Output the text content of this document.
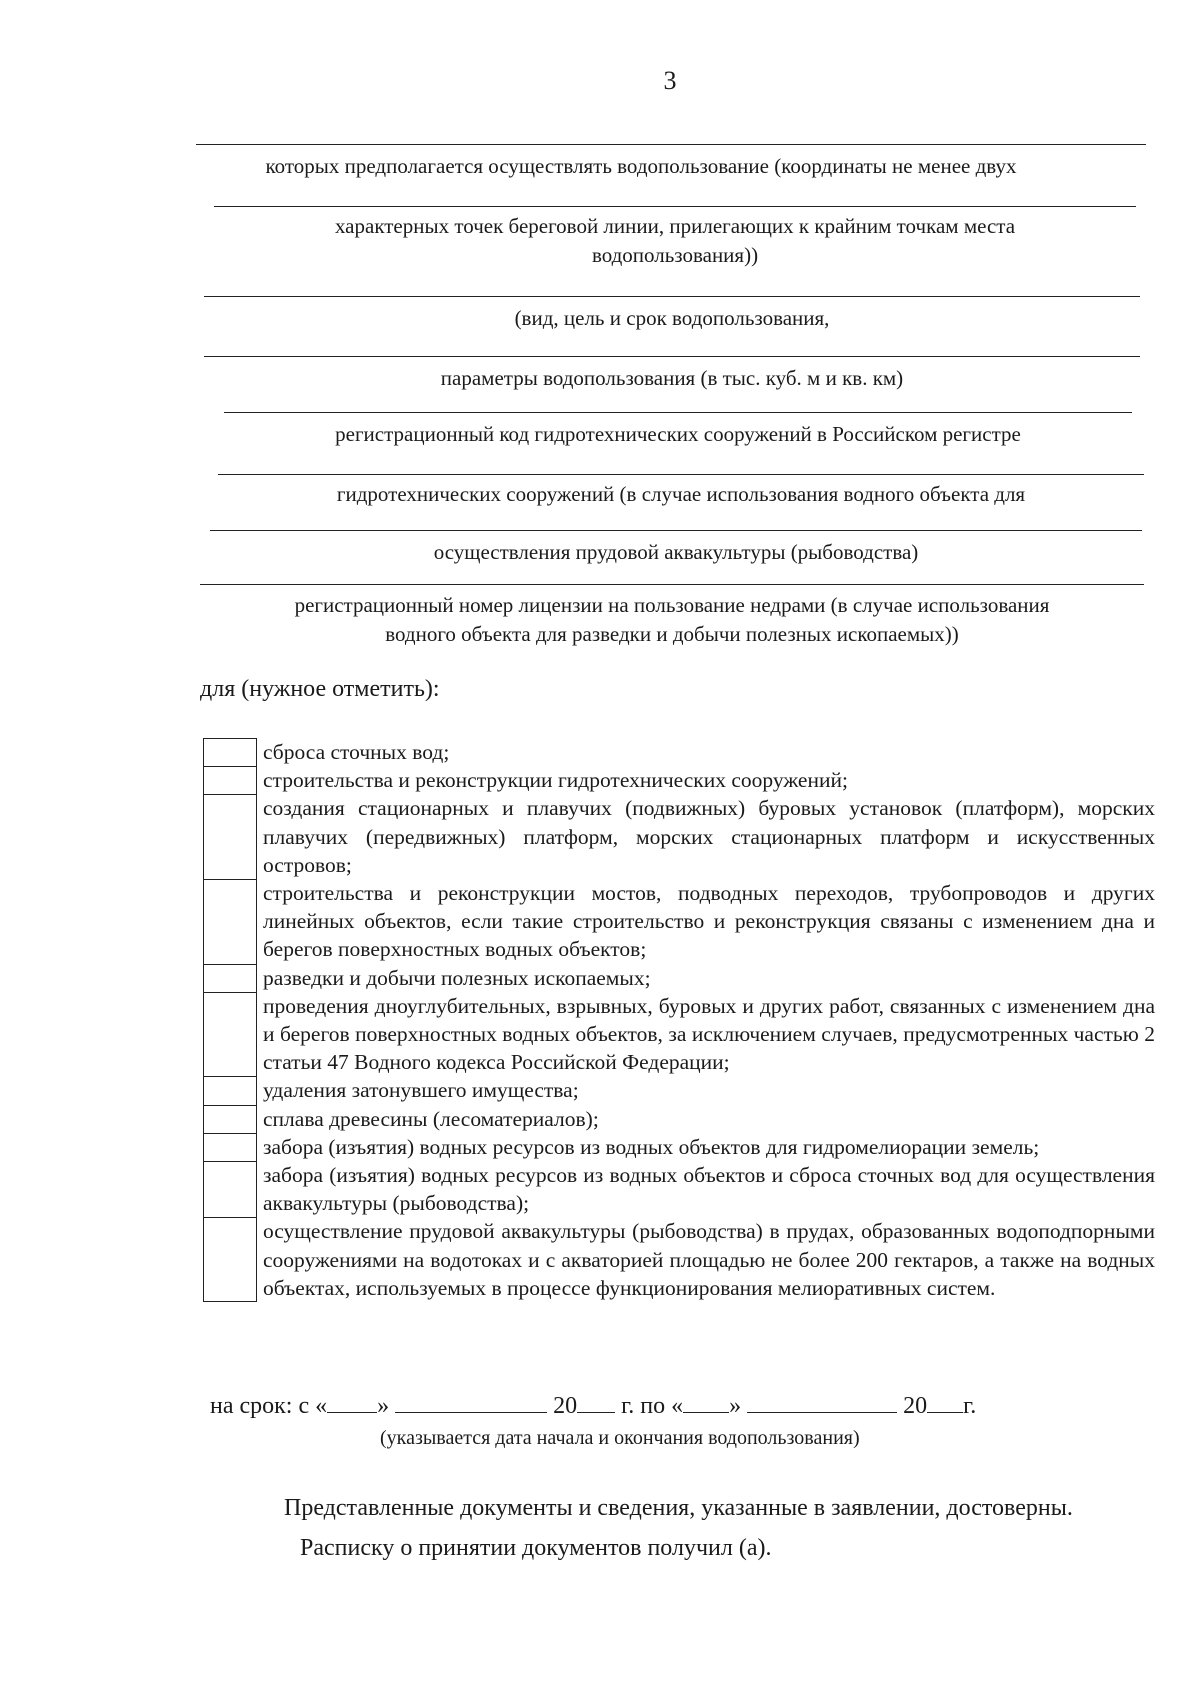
3
которых предполагается осуществлять водопользование (координаты не менее двух
характерных точек береговой линии, прилегающих к крайним точкам места
водопользования))
(вид, цель и срок водопользования,
параметры водопользования (в тыс. куб. м и кв. км)
регистрационный код гидротехнических сооружений в Российском регистре
гидротехнических сооружений (в случае использования водного объекта для
осуществления прудовой аквакультуры (рыбоводства)
регистрационный номер лицензии на пользование недрами (в случае использования
водного объекта для разведки и добычи полезных ископаемых))
для (нужное отметить):
сброса сточных вод;
строительства и реконструкции гидротехнических сооружений;
создания стационарных и плавучих (подвижных) буровых установок (платформ), морских плавучих (передвижных) платформ, морских стационарных платформ и искусственных островов;
строительства и реконструкции мостов, подводных переходов, трубопроводов и других линейных объектов, если такие строительство и реконструкция связаны с изменением дна и берегов поверхностных водных объектов;
разведки и добычи полезных ископаемых;
проведения дноуглубительных, взрывных, буровых и других работ, связанных с изменением дна и берегов поверхностных водных объектов, за исключением случаев, предусмотренных частью 2 статьи 47 Водного кодекса Российской Федерации;
удаления затонувшего имущества;
сплава древесины (лесоматериалов);
забора (изъятия) водных ресурсов из водных объектов для гидромелиорации земель;
забора (изъятия) водных ресурсов из водных объектов и сброса сточных вод для осуществления аквакультуры (рыбоводства);
осуществление прудовой аквакультуры (рыбоводства) в прудах, образованных водоподпорными сооружениями на водотоках и с акваторией площадью не более 200 гектаров, а также на водных объектах, используемых в процессе функционирования мелиоративных систем.
на срок: с « »	20 г. по « »	20 г.
(указывается дата начала и окончания водопользования)

Представленные документы и сведения, указанные в заявлении, достоверны.

Расписку о принятии документов получил (а).
